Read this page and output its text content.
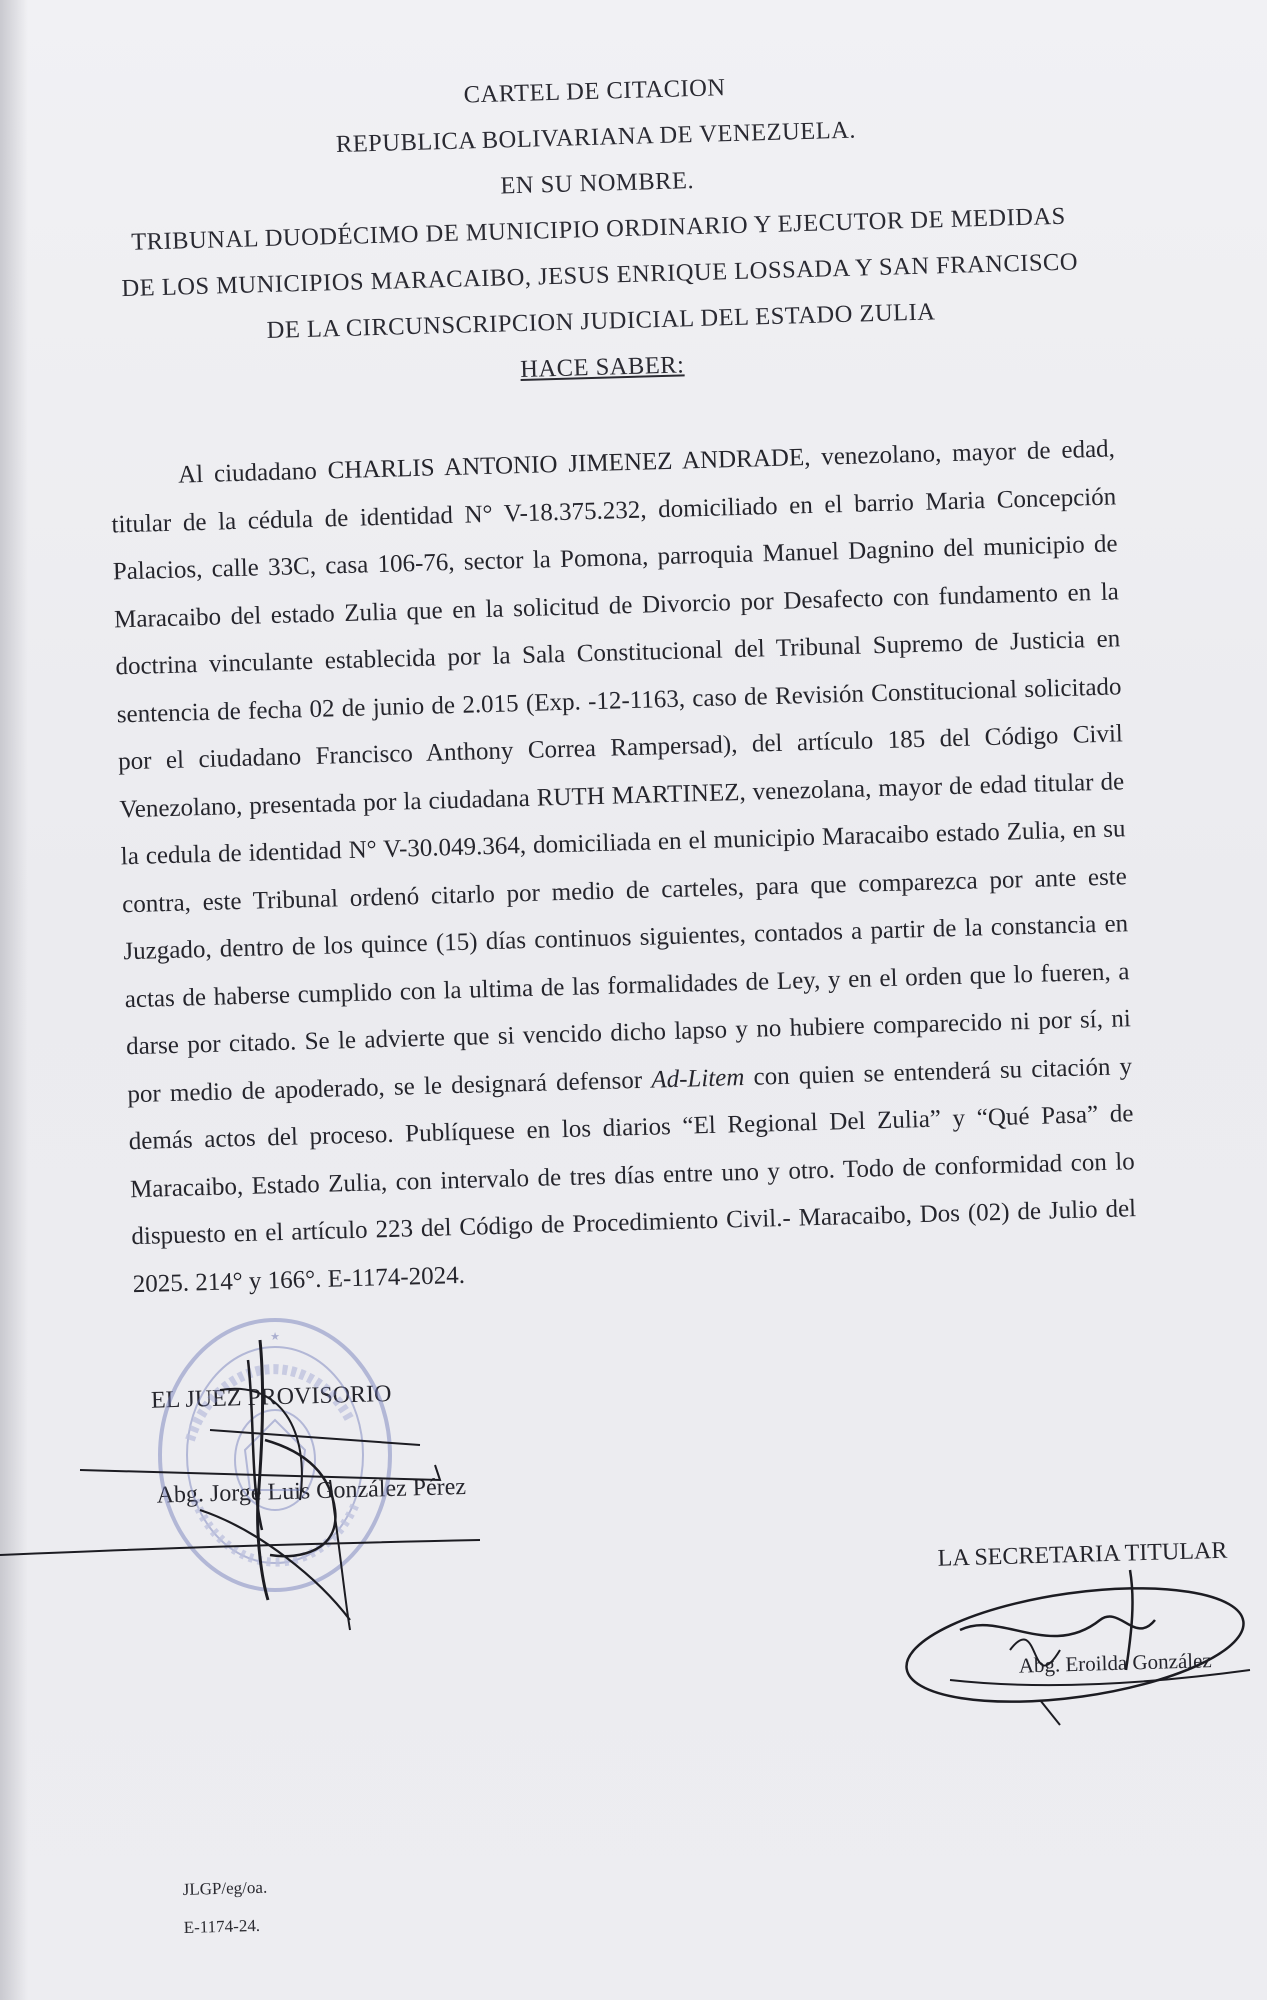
CARTEL DE CITACION
REPUBLICA BOLIVARIANA DE VENEZUELA.
EN SU NOMBRE.
TRIBUNAL DUODÉCIMO DE MUNICIPIO ORDINARIO Y EJECUTOR DE MEDIDAS
DE LOS MUNICIPIOS MARACAIBO, JESUS ENRIQUE LOSSADA Y SAN FRANCISCO
DE LA CIRCUNSCRIPCION JUDICIAL DEL ESTADO ZULIA
HACE SABER:
Al ciudadano CHARLIS ANTONIO JIMENEZ ANDRADE, venezolano, mayor de edad, titular de la cédula de identidad N° V-18.375.232, domiciliado en el barrio Maria Concepción Palacios, calle 33C, casa 106-76, sector la Pomona, parroquia Manuel Dagnino del municipio de Maracaibo del estado Zulia que en la solicitud de Divorcio por Desafecto con fundamento en la doctrina vinculante establecida por la Sala Constitucional del Tribunal Supremo de Justicia en sentencia de fecha 02 de junio de 2.015 (Exp. -12-1163, caso de Revisión Constitucional solicitado por el ciudadano Francisco Anthony Correa Rampersad), del artículo 185 del Código Civil Venezolano, presentada por la ciudadana RUTH MARTINEZ, venezolana, mayor de edad titular de la cedula de identidad N° V-30.049.364, domiciliada en el municipio Maracaibo estado Zulia, en su contra, este Tribunal ordenó citarlo por medio de carteles, para que comparezca por ante este Juzgado, dentro de los quince (15) días continuos siguientes, contados a partir de la constancia en actas de haberse cumplido con la ultima de las formalidades de Ley, y en el orden que lo fueren, a darse por citado. Se le advierte que si vencido dicho lapso y no hubiere comparecido ni por sí, ni por medio de apoderado, se le designará defensor Ad-Litem con quien se entenderá su citación y demás actos del proceso. Publíquese en los diarios “El Regional Del Zulia” y “Qué Pasa” de Maracaibo, Estado Zulia, con intervalo de tres días entre uno y otro. Todo de conformidad con lo dispuesto en el artículo 223 del Código de Procedimiento Civil.- Maracaibo, Dos (02) de Julio del 2025. 214° y 166°. E-1174-2024.
EL JUEZ PROVISORIO
Abg. Jorge Luis González Pérez
LA SECRETARIA TITULAR
Abg. Eroilda González
JLGP/eg/oa.
E-1174-24.
★
